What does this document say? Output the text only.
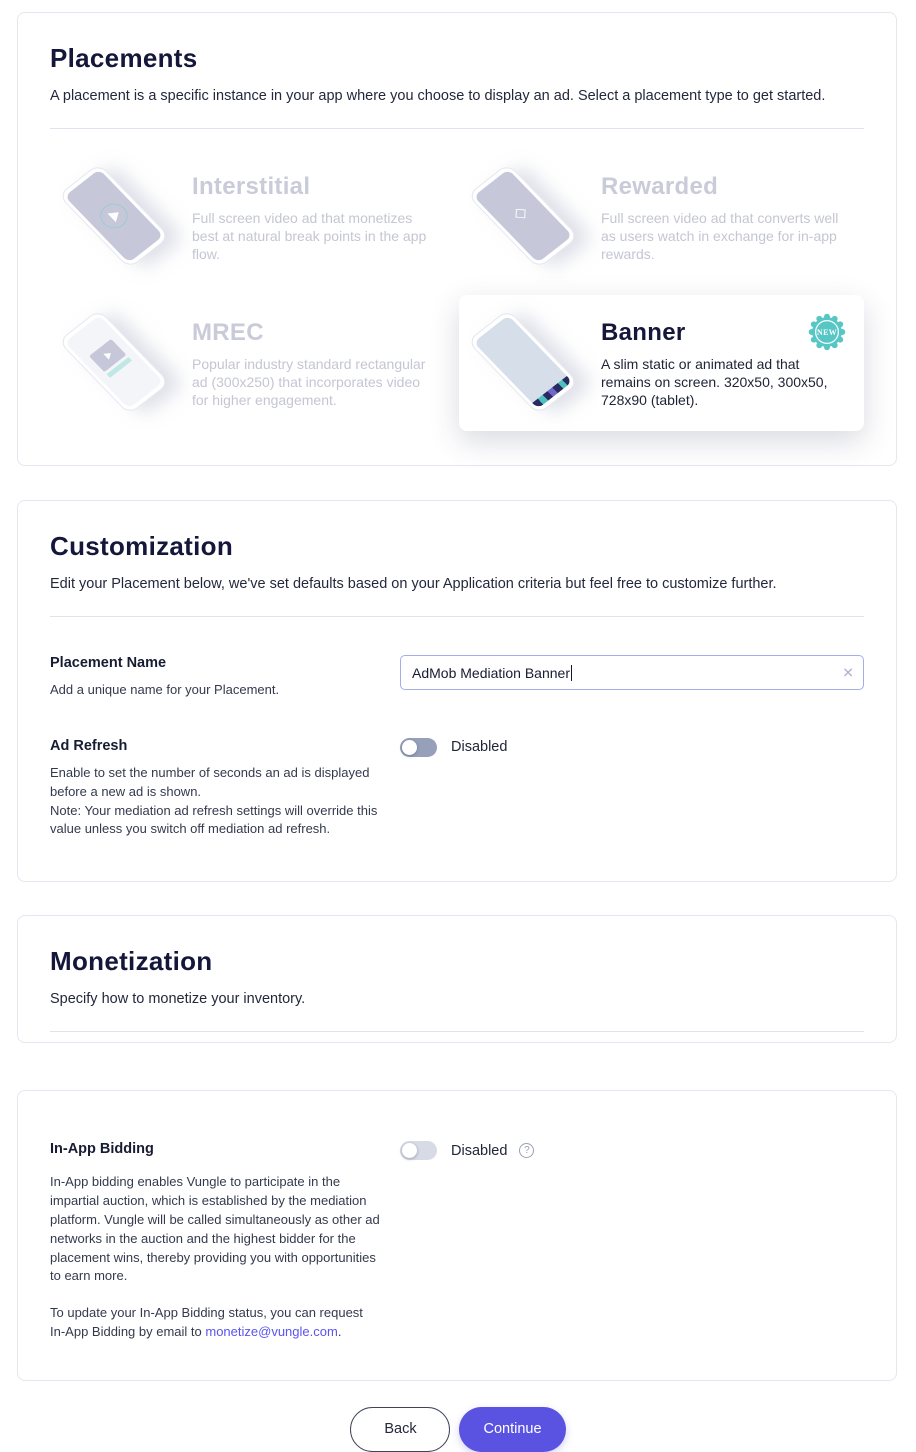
Placements

A placement is a specific instance in your app where you choose to display an ad. Select a placement type to get started.

Interstitial
Full screen video ad that monetizes best at natural break points in the app flow.
◇
Rewarded
Full screen video ad that converts well as users watch in exchange for in-app rewards.
MREC
Popular industry standard rectangular ad (300x250) that incorporates video for higher engagement.
Banner
A slim static or animated ad that remains on screen. 320x50, 300x50, 728x90 (tablet).
NEW
Customization

Edit your Placement below, we've set defaults based on your Application criteria but feel free to customize further.

Placement Name
Add a unique name for your Placement.
AdMob Mediation Banner	✕
Ad Refresh
Enable to set the number of seconds an ad is displayed before a new ad is shown.
Note: Your mediation ad refresh settings will override this value unless you switch off mediation ad refresh.
Disabled
Monetization

Specify how to monetize your inventory.

In-App Bidding

In-App bidding enables Vungle to participate in the impartial auction, which is established by the mediation platform. Vungle will be called simultaneously as other ad networks in the auction and the highest bidder for the placement wins, thereby providing you with opportunities to earn more.

To update your In-App Bidding status, you can request In-App Bidding by email to monetize@vungle.com.

Disabled	?
Back	Continue
